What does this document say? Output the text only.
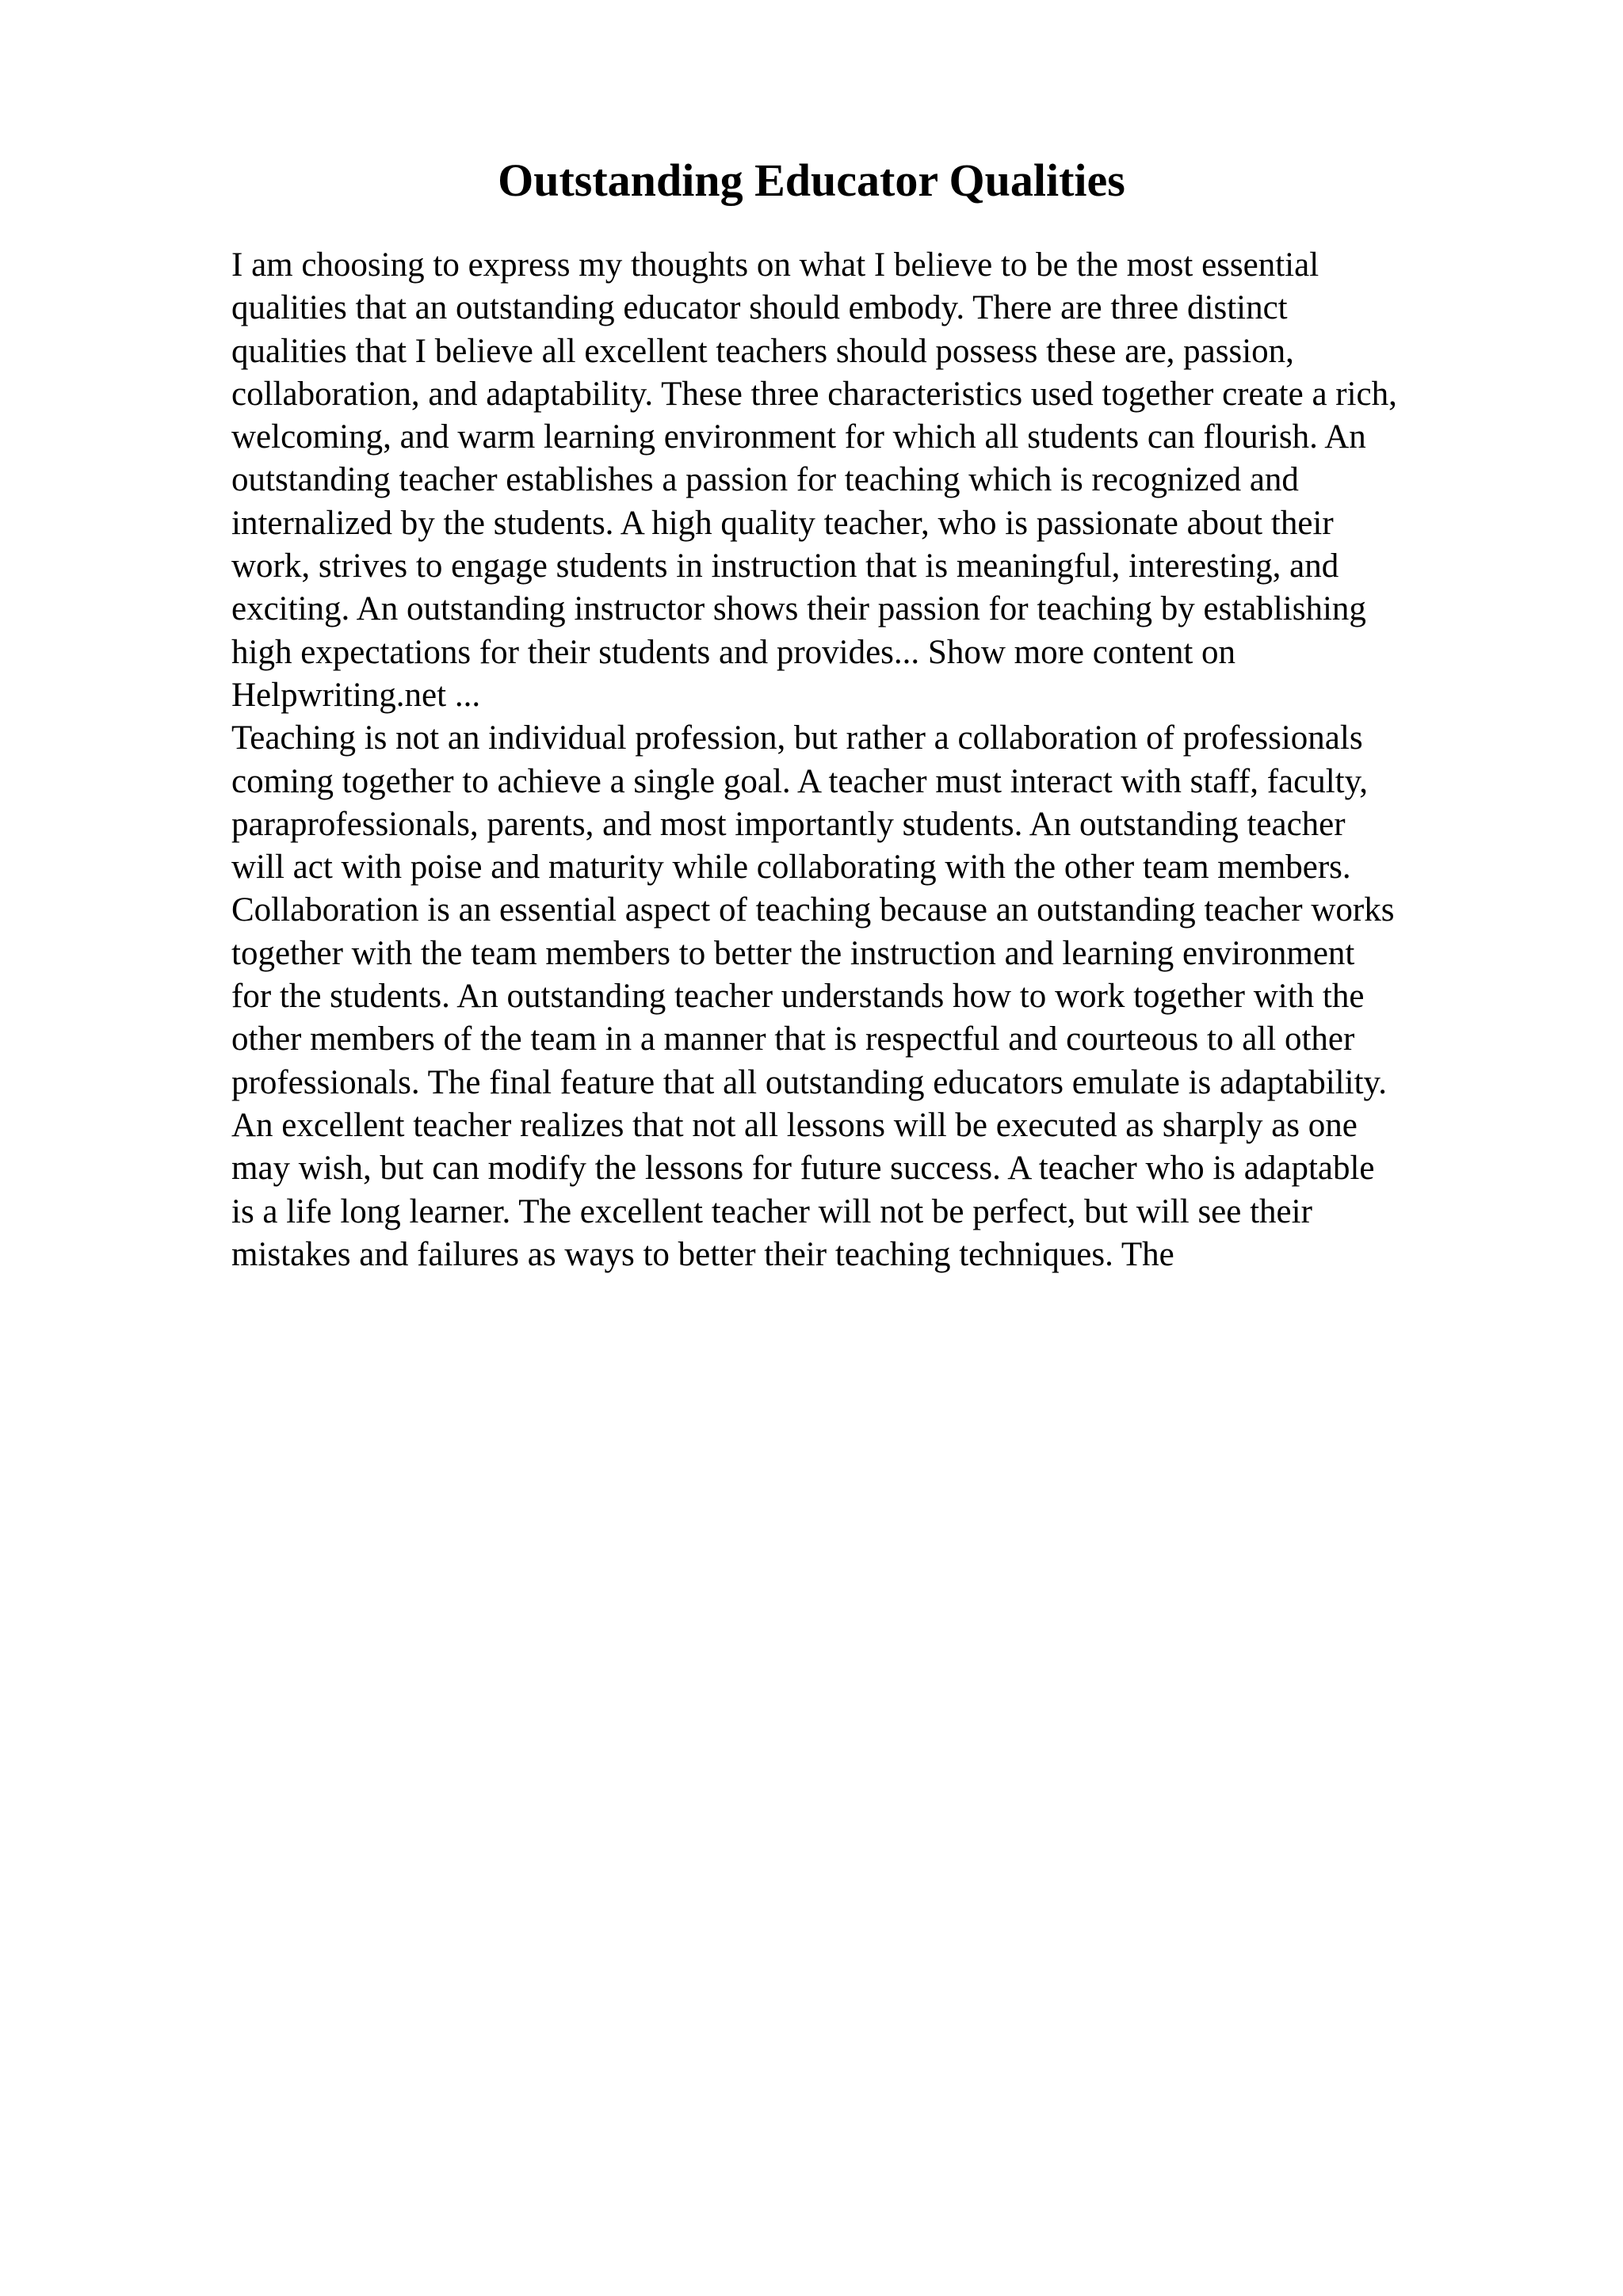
Outstanding Educator Qualities
I am choosing to express my thoughts on what I believe to be the most essential
qualities that an outstanding educator should embody. There are three distinct
qualities that I believe all excellent teachers should possess these are, passion,
collaboration, and adaptability. These three characteristics used together create a rich,
welcoming, and warm learning environment for which all students can flourish. An
outstanding teacher establishes a passion for teaching which is recognized and
internalized by the students. A high quality teacher, who is passionate about their
work, strives to engage students in instruction that is meaningful, interesting, and
exciting. An outstanding instructor shows their passion for teaching by establishing
high expectations for their students and provides... Show more content on
Helpwriting.net ...
Teaching is not an individual profession, but rather a collaboration of professionals
coming together to achieve a single goal. A teacher must interact with staff, faculty,
paraprofessionals, parents, and most importantly students. An outstanding teacher
will act with poise and maturity while collaborating with the other team members.
Collaboration is an essential aspect of teaching because an outstanding teacher works
together with the team members to better the instruction and learning environment
for the students. An outstanding teacher understands how to work together with the
other members of the team in a manner that is respectful and courteous to all other
professionals. The final feature that all outstanding educators emulate is adaptability.
An excellent teacher realizes that not all lessons will be executed as sharply as one
may wish, but can modify the lessons for future success. A teacher who is adaptable
is a life long learner. The excellent teacher will not be perfect, but will see their
mistakes and failures as ways to better their teaching techniques. The
